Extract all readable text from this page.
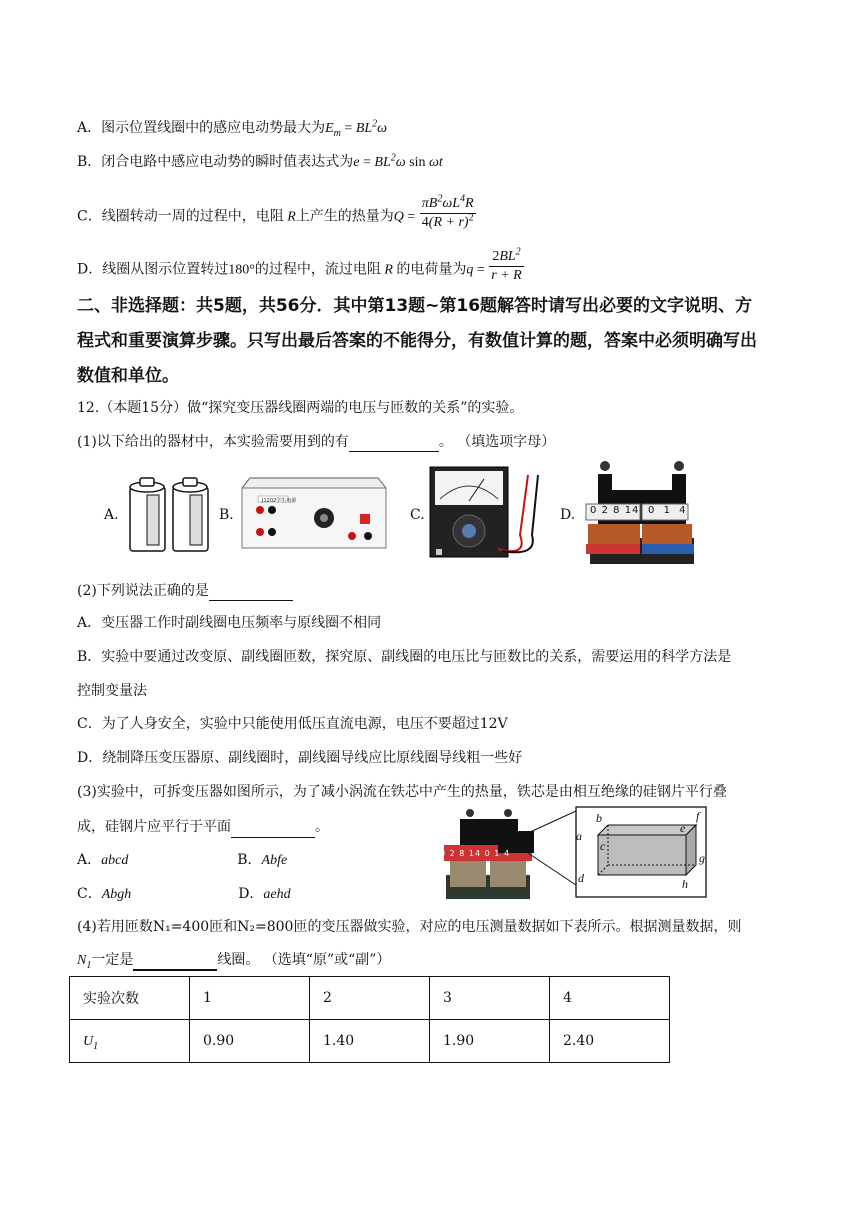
A．图示位置线圈中的感应电动势最大为$E_m = BL^2\omega$
B．闭合电路中感应电动势的瞬时值表达式为$e = BL^2\omega$ sin ωt
C．线圈转动一周的过程中，电阻 R上产生的热量为$Q = \frac{\pi B^2\omega L^4R}{4(R + r)^2}$
D．线圈从图示位置转过180°的过程中，流过电阻 R 的电荷量为$q = \frac{2BL^2}{r + R}$
二、非选择题：共5题，共56分．其中第13题~第16题解答时请写出必要的文字说明、方
程式和重要演算步骤。只写出最后答案的不能得分，有数值计算的题，答案中必须明确写出
数值和单位。
12.（本题15分）做“探究变压器线圈两端的电压与匝数的关系”的实验。
(1)以下给出的器材中，本实验需要用到的有	。 （填选项字母）
A.	B.
J1202学生电源
C.	D. 0 2 8 14 0 1 4
(2)下列说法正确的是
A．变压器工作时副线圈电压频率与原线圈不相同
B．实验中要通过改变原、副线圈匝数，探究原、副线圈的电压比与匝数比的关系，需要运用的科学方法是
控制变量法
C．为了人身安全，实验中只能使用低压直流电源，电压不要超过12V
D．绕制降压变压器原、副线圈时，副线圈导线应比原线圈导线粗一些好
(3)实验中，可拆变压器如图所示，为了减小涡流在铁芯中产生的热量，铁芯是由相互绝缘的硅钢片平行叠
成，硅钢片应平行于平面	。
A．abcd	B．Abfe
C．Abgh	D．aehd
a
b
c
d
e
f
g
h
0 2 8 14 0 1 4
(4)若用匝数N₁=400匝和N₂=800匝的变压器做实验，对应的电压测量数据如下表所示。根据测量数据，则
$N_1$一定是	线圈。 （选填“原”或“副”）
实验次数	1	2	3	4
$U_1$	0.90	1.40	1.90	2.40
